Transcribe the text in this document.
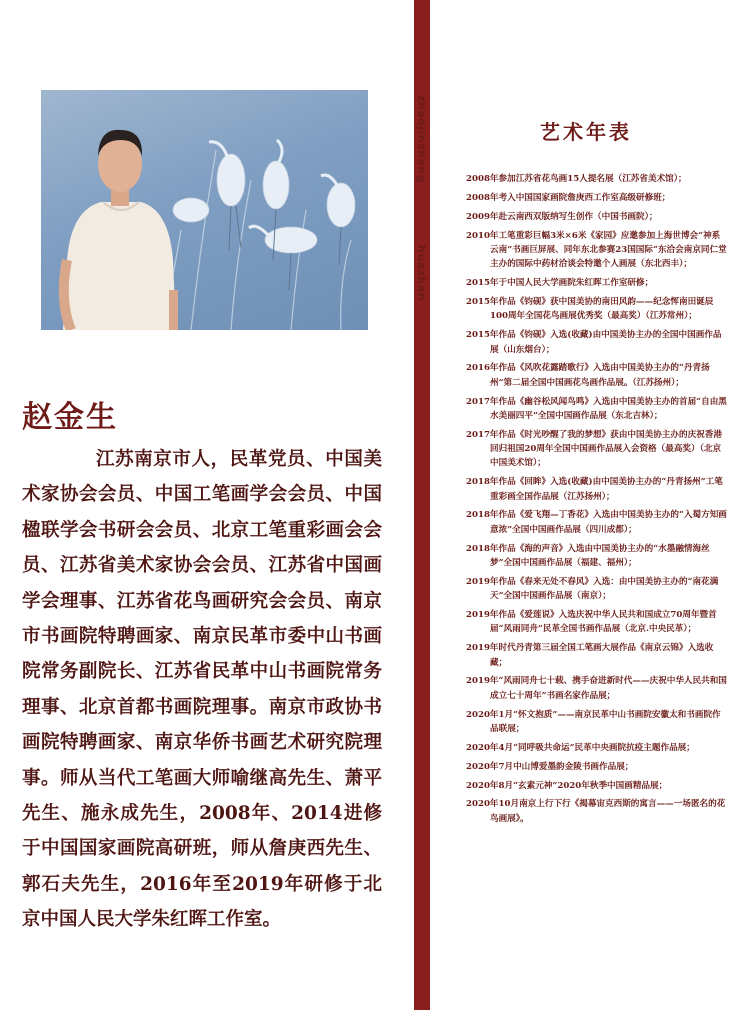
赵金生

江苏南京市人，民革党员、中国美术家协会会员、中国工笔画学会会员、中国楹联学会书研会会员、北京工笔重彩画会会员、江苏省美术家协会会员、江苏省中国画学会理事、江苏省花鸟画研究会会员、南京市书画院特聘画家、南京民革市委中山书画院常务副院长、江苏省民革中山书画院常务理事、北京首都书画院理事。南京市政协书画院特聘画家、南京华侨书画艺术研究院理事。师从当代工笔画大师喻继高先生、萧平先生、施永成先生，2008年、2014进修于中国国家画院高研班，师从詹庚西先生、郭石夫先生，2016年至2019年研修于北京中国人民大学朱红晖工作室。

zhaojinsheng
huazhan
艺术年表
2008年参加江苏省花鸟画15人提名展（江苏省美术馆）；
2008年考入中国国家画院詹庚西工作室高级研修班；
2009年赴云南西双版纳写生创作（中国书画院）；
2010年工笔重彩巨幅3米×6米《家园》应邀参加上海世博会“神系云南”书画巨屏展、同年东北参赛23国国际“东洽会南京同仁堂主办的国际中药材洽谈会特邀个人画展（东北西丰）；
2015年于中国人民大学画院朱红晖工作室研修；
2015年作品《钧砚》获中国美协的南田风韵——纪念恽南田诞辰100周年全国花鸟画展优秀奖（最高奖）（江苏常州）；
2015年作品《钧砚》入选(收藏)由中国美协主办的全国中国画作品展（山东烟台）；
2016年作品《风吹花露踏歌行》入选由中国美协主办的“丹青扬州”第二届全国中国画花鸟画作品展。（江苏扬州）；
2017年作品《幽谷松风闻鸟鸣》入选由中国美协主办的首届“自由黑水美丽四平”全国中国画作品展（东北吉林）；
2017年作品《时光吵醒了我的梦想》获由中国美协主办的庆祝香港回归祖国20周年全国中国画作品展入会资格（最高奖）（北京中国美术馆）；
2018年作品《回眸》入选(收藏)由中国美协主办的“丹青扬州”工笔重彩画全国作品展（江苏扬州）；
2018年作品《爱飞翔—丁香花》入选由中国美协主办的“入蜀方知画意浓”全国中国画作品展（四川成都）；
2018年作品《海的声音》入选由中国美协主办的“水墨融情海丝梦”全国中国画作品展（福建、福州）；
2019年作品《春来无处不春风》入选：由中国美协主办的“南花满天”全国中国画作品展（南京）；
2019年作品《爱莲说》入选庆祝中华人民共和国成立70周年暨首届“风雨同舟”民革全国书画作品展（北京.中央民革）；
2019年时代丹青第三届全国工笔画大展作品《南京云锦》入选收藏；
2019年“风雨同舟七十载、携手奋进新时代——庆祝中华人民共和国成立七十周年”书画名家作品展；
2020年1月“怀文抱质”——南京民革中山书画院安徽太和书画院作品联展；
2020年4月“同呼吸共命运”民革中央画院抗疫主题作品展；
2020年7月中山博爱墨韵金陵书画作品展；
2020年8月“玄素元神”2020年秋季中国画精品展；
2020年10月南京上行下行《揭幕宙克西斯的寓言——一场匿名的花鸟画展》。
